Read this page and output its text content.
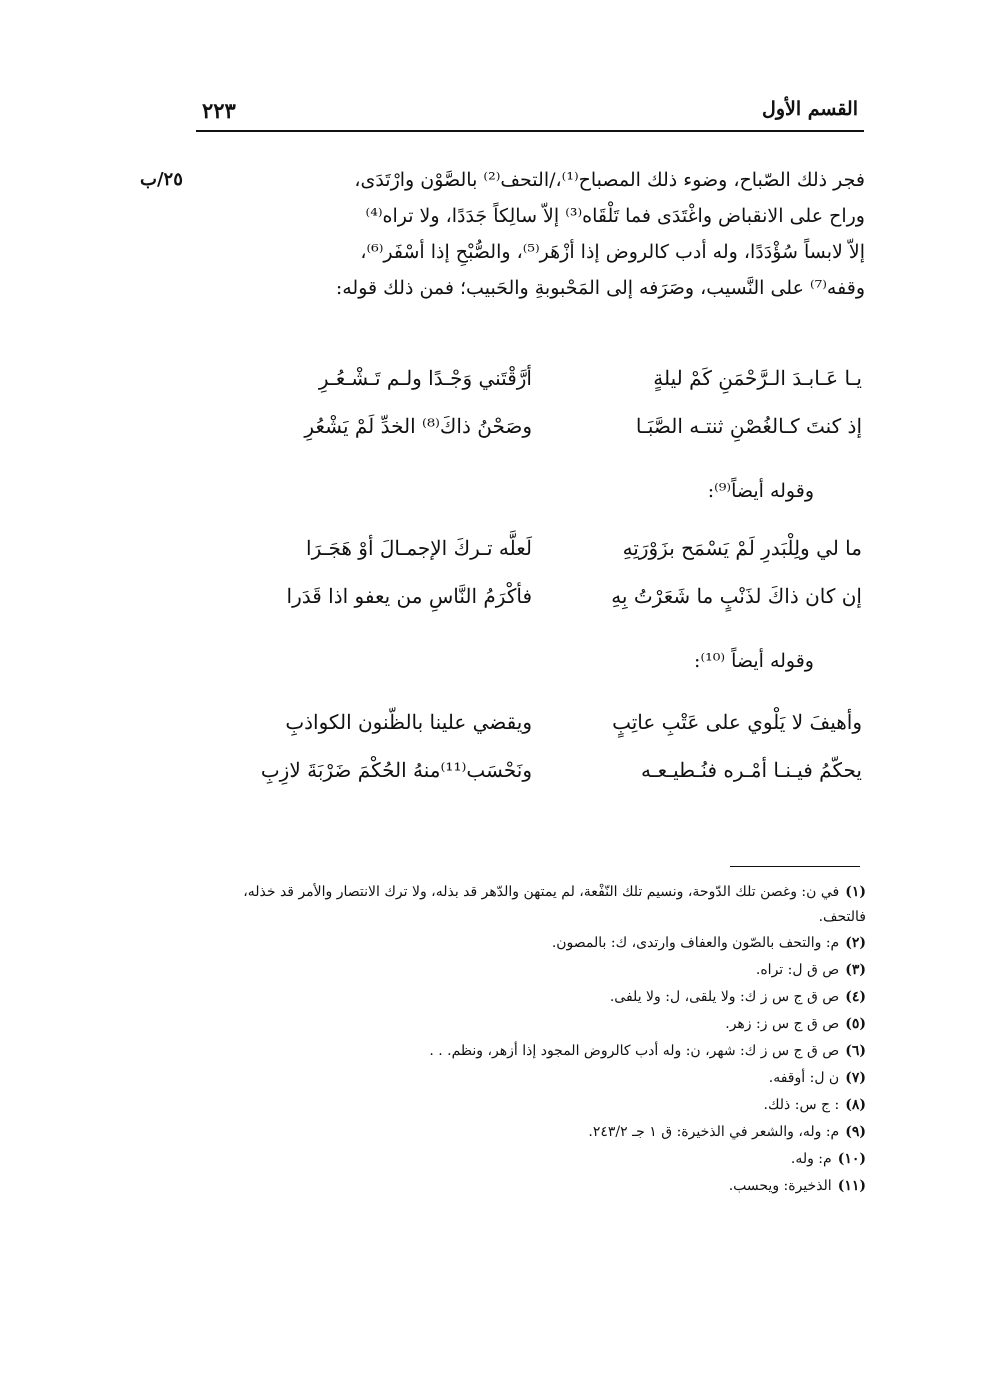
القسم الأول
٢٢٣
٢٥/ب	فجر ذلك الصّباح، وضوء ذلك المصباح⁽¹⁾،/التحف⁽²⁾ بالصَّوْن وارْتَدَى،
وراح على الانقباض واغْتَدَى فما تَلْقَاه⁽³⁾ إلاّ سالِكاً جَدَدًا، ولا تراه⁽⁴⁾
إلاّ لابساً سُؤْدَدًا، وله أدب كالروض إذا أزْهَر⁽⁵⁾، والصُّبْحِ إذا أسْفَر⁽⁶⁾،
وقفه⁽⁷⁾ على النَّسيب، وصَرَفه إلى المَحْبوبةِ والحَبيب؛ فمن ذلك قوله:
يـا عَـابـدَ الـرَّحْمَنِ كَمْ ليلةٍ
أرَّقْتَني وَجْـدًا ولـم تَـشْـعُـرِ
إذ كنتَ كـالغُصْنِ ثنتـه الصَّبَـا
وصَحْنُ ذاكَ⁽⁸⁾ الخدِّ لَمْ يَشْعُرِ
وقوله أيضاً⁽⁹⁾:
ما لي ولِلْبَدرِ لَمْ يَسْمَح بزَوْرَتِهِ
لَعلَّه تـركَ الإجمـالَ أوْ هَجَـرَا
إن كان ذاكَ لذَنْبٍ ما شَعَرْتُ بِهِ
فأكْرَمُ النَّاسِ من يعفو اذا قَدَرا
وقوله أيضاً ⁽¹⁰⁾:
وأهيفَ لا يَلْوي على عَتْبِ عاتِبٍ
ويقضي علينا بالظّنون الكواذبِ
يحكّمُ فيـنـا أمْـره فنُـطيـعـه
ونَحْسَب⁽¹¹⁾منهُ الحُكْمَ ضَرْبَةَ لازِبِ
(١)في ن: وغصن تلك الدّوحة، ونسيم تلك النّفْعة، لم يمتهن والدّهر قد بذله، ولا ترك الانتصار والأمر قد خذله، فالتحف.
(٢)م: والتحف بالصّون والعفاف وارتدى، ك: بالمصون.
(٣)ص ق ل: تراه.
(٤)ص ق ج س ز ك: ولا يلقى، ل: ولا يلفى.
(٥)ص ق ج س ز: زهر.
(٦)ص ق ج س ز ك: شهر، ن: وله أدب كالروض المجود إذا أزهر، ونظم. . .
(٧)ن ل: أوقفه.
(٨): ج س: ذلك.
(٩)م: وله، والشعر في الذخيرة: ق ١ جـ ٢٤٣/٢.
(١٠)م: وله.
(١١)الذخيرة: ويحسب.
